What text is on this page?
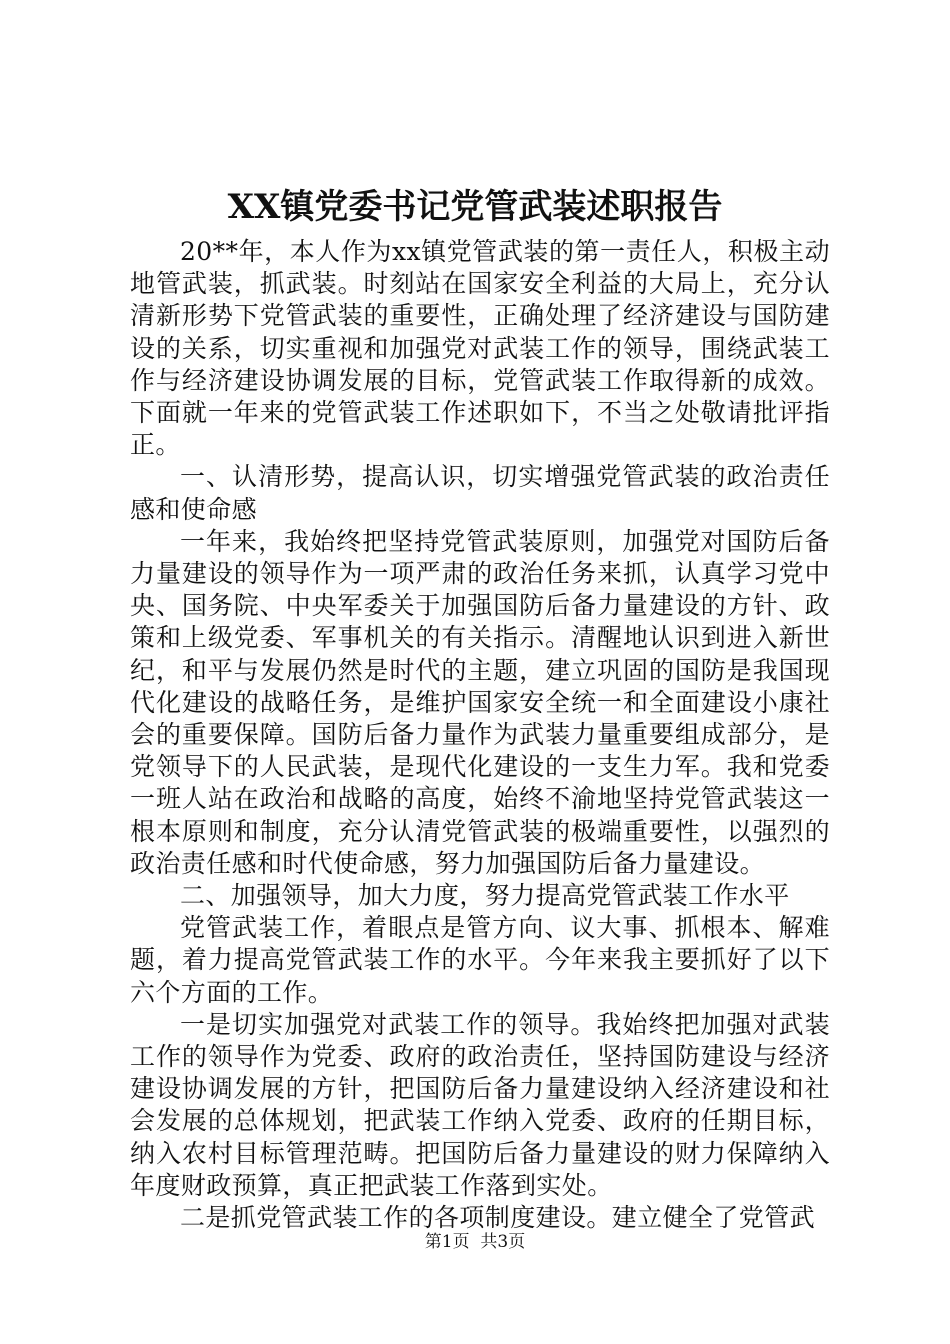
XX镇党委书记党管武装述职报告

20**年，本人作为xx镇党管武装的第一责任人，积极主动地管武装，抓武装。时刻站在国家安全利益的大局上，充分认清新形势下党管武装的重要性，正确处理了经济建设与国防建设的关系，切实重视和加强党对武装工作的领导，围绕武装工作与经济建设协调发展的目标，党管武装工作取得新的成效。下面就一年来的党管武装工作述职如下，不当之处敬请批评指正。

一、认清形势，提高认识，切实增强党管武装的政治责任感和使命感

一年来，我始终把坚持党管武装原则，加强党对国防后备力量建设的领导作为一项严肃的政治任务来抓，认真学习党中央、国务院、中央军委关于加强国防后备力量建设的方针、政策和上级党委、军事机关的有关指示。清醒地认识到进入新世纪，和平与发展仍然是时代的主题，建立巩固的国防是我国现代化建设的战略任务，是维护国家安全统一和全面建设小康社会的重要保障。国防后备力量作为武装力量重要组成部分，是党领导下的人民武装，是现代化建设的一支生力军。我和党委一班人站在政治和战略的高度，始终不渝地坚持党管武装这一根本原则和制度，充分认清党管武装的极端重要性，以强烈的政治责任感和时代使命感，努力加强国防后备力量建设。

二、加强领导，加大力度，努力提高党管武装工作水平

党管武装工作，着眼点是管方向、议大事、抓根本、解难题，着力提高党管武装工作的水平。今年来我主要抓好了以下六个方面的工作。

一是切实加强党对武装工作的领导。我始终把加强对武装工作的领导作为党委、政府的政治责任，坚持国防建设与经济建设协调发展的方针，把国防后备力量建设纳入经济建设和社会发展的总体规划，把武装工作纳入党委、政府的任期目标，纳入农村目标管理范畴。把国防后备力量建设的财力保障纳入年度财政预算，真正把武装工作落到实处。

二是抓党管武装工作的各项制度建设。建立健全了党管武

第1页  共3页
